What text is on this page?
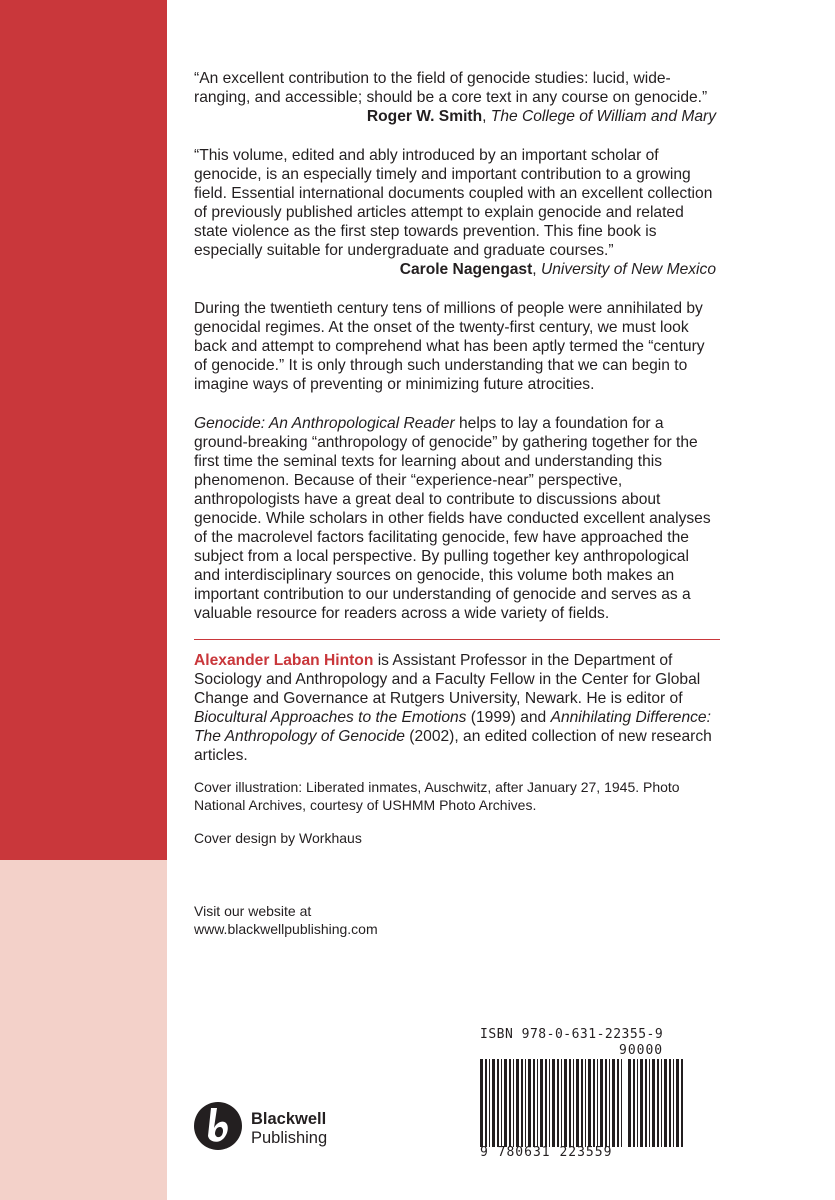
“An excellent contribution to the field of genocide studies: lucid, wide-ranging, and accessible; should be a core text in any course on genocide.”

Roger W. Smith, The College of William and Mary

“This volume, edited and ably introduced by an important scholar of genocide, is an especially timely and important contribution to a growing field. Essential international documents coupled with an excellent collection of previously published articles attempt to explain genocide and related state violence as the first step towards prevention. This fine book is especially suitable for undergraduate and graduate courses.”

Carole Nagengast, University of New Mexico

During the twentieth century tens of millions of people were annihilated by genocidal regimes. At the onset of the twenty-first century, we must look back and attempt to comprehend what has been aptly termed the “century of genocide.” It is only through such understanding that we can begin to imagine ways of preventing or minimizing future atrocities.

Genocide: An Anthropological Reader helps to lay a foundation for a ground-breaking “anthropology of genocide” by gathering together for the first time the seminal texts for learning about and understanding this phenomenon. Because of their “experience-near” perspective, anthropologists have a great deal to contribute to discussions about genocide. While scholars in other fields have conducted excellent analyses of the macrolevel factors facilitating genocide, few have approached the subject from a local perspective. By pulling together key anthropological and interdisciplinary sources on genocide, this volume both makes an important contribution to our understanding of genocide and serves as a valuable resource for readers across a wide variety of fields.

Alexander Laban Hinton is Assistant Professor in the Department of Sociology and Anthropology and a Faculty Fellow in the Center for Global Change and Governance at Rutgers University, Newark. He is editor of Biocultural Approaches to the Emotions (1999) and Annihilating Difference: The Anthropology of Genocide (2002), an edited collection of new research articles.

Cover illustration: Liberated inmates, Auschwitz, after January 27, 1945. Photo National Archives, courtesy of USHMM Photo Archives.

Cover design by Workhaus

Visit our website at
www.blackwellpublishing.com
Blackwell
Publishing
ISBN 978-0-631-22355-9
90000
9 780631 223559
